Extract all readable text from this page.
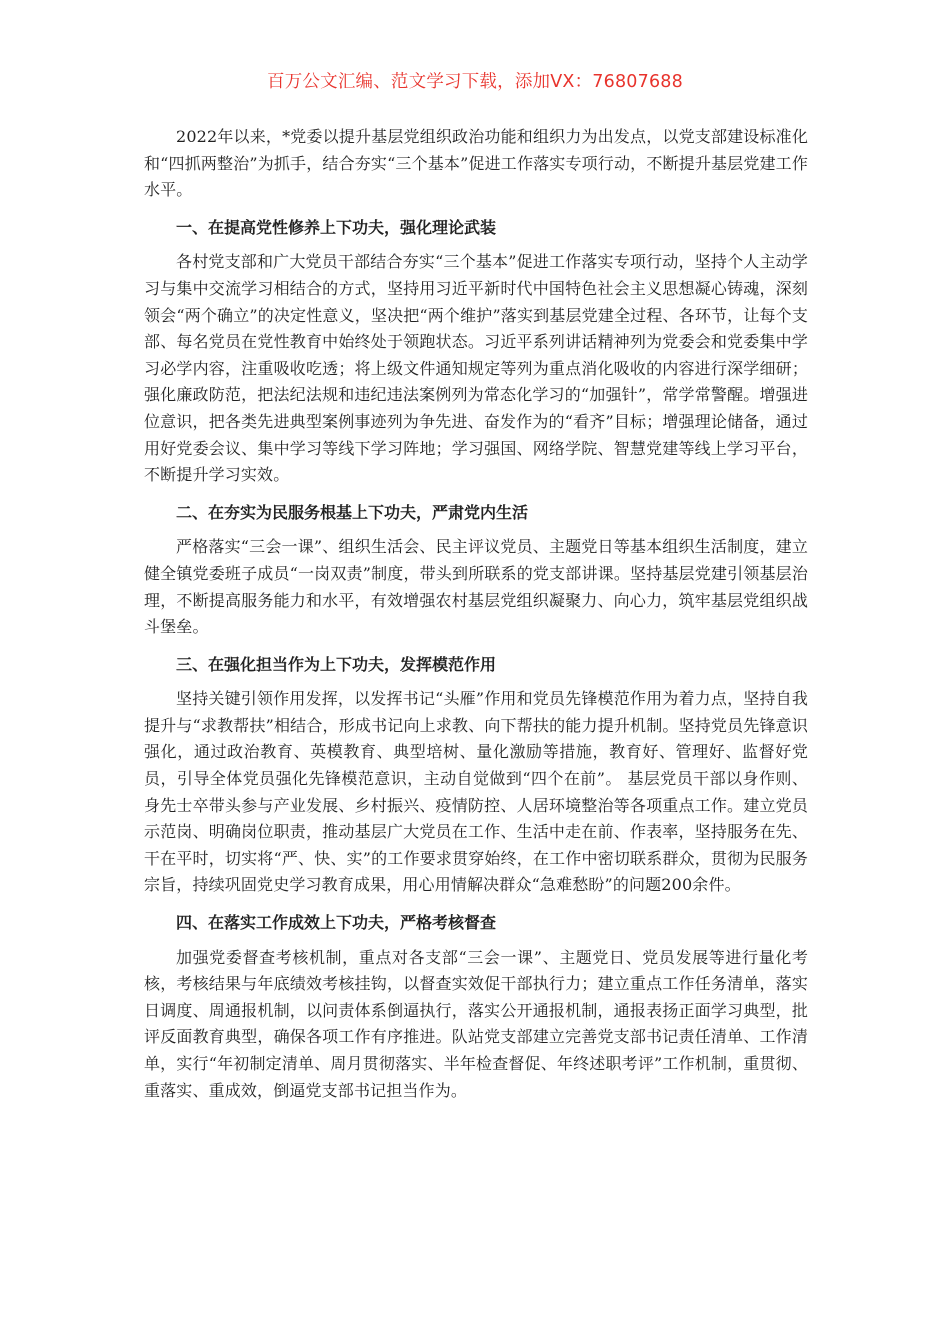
百万公文汇编、范文学习下载，添加VX：76807688

2022年以来，*党委以提升基层党组织政治功能和组织力为出发点，以党支部建设标准化和“四抓两整治”为抓手，结合夯实“三个基本”促进工作落实专项行动，不断提升基层党建工作水平。

一、在提高党性修养上下功夫，强化理论武装

各村党支部和广大党员干部结合夯实“三个基本”促进工作落实专项行动，坚持个人主动学习与集中交流学习相结合的方式，坚持用习近平新时代中国特色社会主义思想凝心铸魂，深刻领会“两个确立”的决定性意义，坚决把“两个维护”落实到基层党建全过程、各环节，让每个支部、每名党员在党性教育中始终处于领跑状态。习近平系列讲话精神列为党委会和党委集中学习必学内容，注重吸收吃透；将上级文件通知规定等列为重点消化吸收的内容进行深学细研；强化廉政防范，把法纪法规和违纪违法案例列为常态化学习的“加强针”，常学常警醒。增强进位意识，把各类先进典型案例事迹列为争先进、奋发作为的“看齐”目标；增强理论储备，通过用好党委会议、集中学习等线下学习阵地；学习强国、网络学院、智慧党建等线上学习平台，不断提升学习实效。

二、在夯实为民服务根基上下功夫，严肃党内生活

严格落实“三会一课”、组织生活会、民主评议党员、主题党日等基本组织生活制度，建立健全镇党委班子成员“一岗双责”制度，带头到所联系的党支部讲课。坚持基层党建引领基层治理，不断提高服务能力和水平，有效增强农村基层党组织凝聚力、向心力，筑牢基层党组织战斗堡垒。

三、在强化担当作为上下功夫，发挥模范作用

坚持关键引领作用发挥，以发挥书记“头雁”作用和党员先锋模范作用为着力点，坚持自我提升与“求教帮扶”相结合，形成书记向上求教、向下帮扶的能力提升机制。坚持党员先锋意识强化，通过政治教育、英模教育、典型培树、量化激励等措施，教育好、管理好、监督好党员，引导全体党员强化先锋模范意识，主动自觉做到“四个在前”。 基层党员干部以身作则、身先士卒带头参与产业发展、乡村振兴、疫情防控、人居环境整治等各项重点工作。建立党员示范岗、明确岗位职责，推动基层广大党员在工作、生活中走在前、作表率，坚持服务在先、干在平时，切实将“严、快、实”的工作要求贯穿始终，在工作中密切联系群众，贯彻为民服务宗旨，持续巩固党史学习教育成果，用心用情解决群众“急难愁盼”的问题200余件。

四、在落实工作成效上下功夫，严格考核督查

加强党委督查考核机制，重点对各支部“三会一课”、主题党日、党员发展等进行量化考核，考核结果与年底绩效考核挂钩，以督查实效促干部执行力；建立重点工作任务清单，落实日调度、周通报机制，以问责体系倒逼执行，落实公开通报机制，通报表扬正面学习典型，批评反面教育典型，确保各项工作有序推进。队站党支部建立完善党支部书记责任清单、工作清单，实行“年初制定清单、周月贯彻落实、半年检查督促、年终述职考评”工作机制，重贯彻、重落实、重成效，倒逼党支部书记担当作为。
